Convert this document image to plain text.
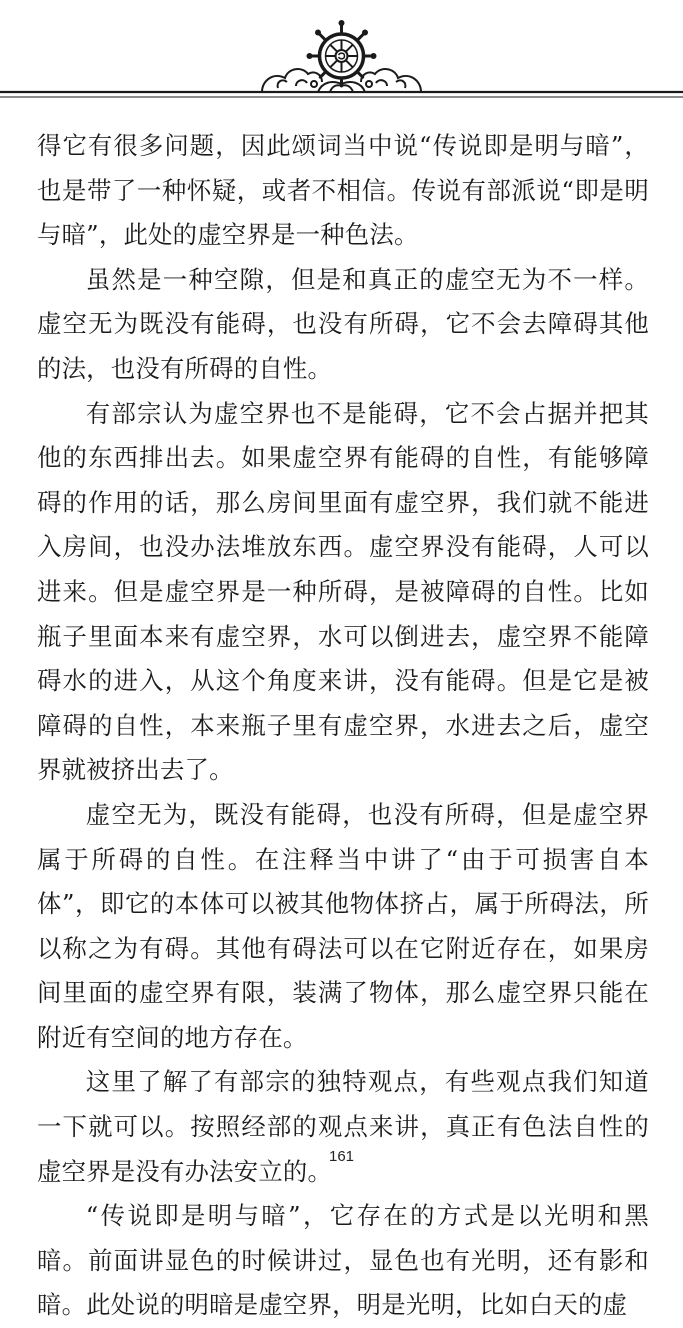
得它有很多问题，因此颂词当中说“传说即是明与暗”，也是带了一种怀疑，或者不相信。传说有部派说“即是明与暗”，此处的虚空界是一种色法。

虽然是一种空隙，但是和真正的虚空无为不一样。虚空无为既没有能碍，也没有所碍，它不会去障碍其他的法，也没有所碍的自性。

有部宗认为虚空界也不是能碍，它不会占据并把其他的东西排出去。如果虚空界有能碍的自性，有能够障碍的作用的话，那么房间里面有虚空界，我们就不能进入房间，也没办法堆放东西。虚空界没有能碍，人可以进来。但是虚空界是一种所碍，是被障碍的自性。比如瓶子里面本来有虚空界，水可以倒进去，虚空界不能障碍水的进入，从这个角度来讲，没有能碍。但是它是被障碍的自性，本来瓶子里有虚空界，水进去之后，虚空界就被挤出去了。

虚空无为，既没有能碍，也没有所碍，但是虚空界属于所碍的自性。在注释当中讲了“由于可损害自本体”，即它的本体可以被其他物体挤占，属于所碍法，所以称之为有碍。其他有碍法可以在它附近存在，如果房间里面的虚空界有限，装满了物体，那么虚空界只能在附近有空间的地方存在。

这里了解了有部宗的独特观点，有些观点我们知道一下就可以。按照经部的观点来讲，真正有色法自性的虚空界是没有办法安立的。

“传说即是明与暗”，它存在的方式是以光明和黑暗。前面讲显色的时候讲过，显色也有光明，还有影和暗。此处说的明暗是虚空界，明是光明，比如白天的虚

161
